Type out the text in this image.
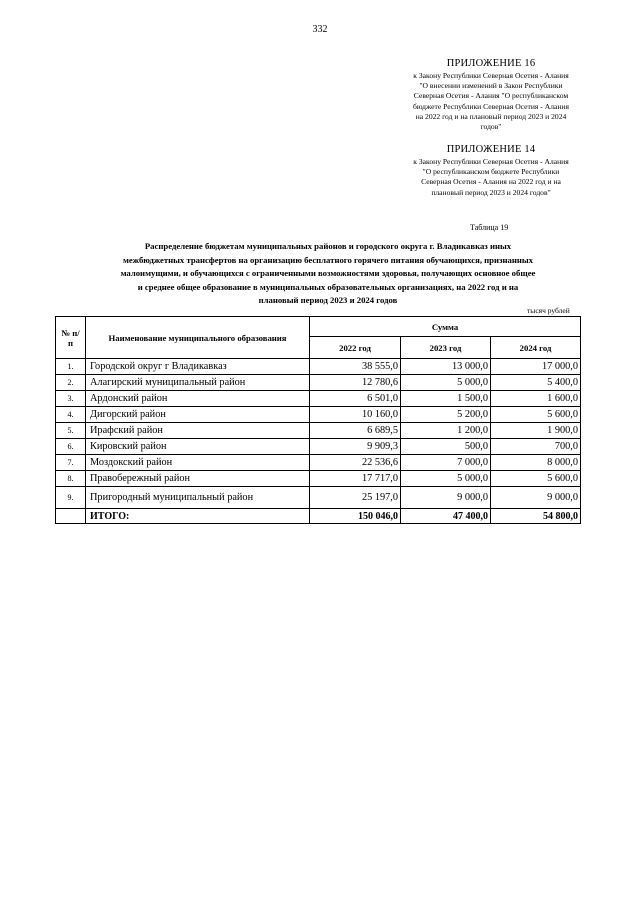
332
ПРИЛОЖЕНИЕ 16
к Закону Республики Северная Осетия - Алания
"О внесении изменений в Закон Республики
Северная Осетия - Алания "О республиканском
бюджете Республики Северная Осетия - Алания
на 2022 год и на плановый период 2023 и 2024
годов"
ПРИЛОЖЕНИЕ 14
к Закону Республики Северная Осетия - Алания
"О республиканском бюджете Республики
Северная Осетия - Алания на 2022 год и на
плановый период 2023 и 2024 годов"
Таблица 19
Распределение бюджетам муниципальных районов и городского округа г. Владикавказ иных
межбюджетных трансфертов на организацию бесплатного горячего питания обучающихся, признанных
малоимущими, и обучающихся с ограниченными возможностями здоровья, получающих основное общее
и среднее общее образование в муниципальных образовательных организациях, на 2022 год и на
плановый период 2023 и 2024 годов
тысяч рублей
№ п/п	Наименование муниципального образования	Сумма		
		2022 год	2023 год	2024 год
1.	Городской округ г Владикавказ	38 555,0	13 000,0	17 000,0
2.	Алагирский муниципальный район	12 780,6	5 000,0	5 400,0
3.	Ардонский район	6 501,0	1 500,0	1 600,0
4.	Дигорский район	10 160,0	5 200,0	5 600,0
5.	Ирафский район	6 689,5	1 200,0	1 900,0
6.	Кировский район	9 909,3	500,0	700,0
7.	Моздокский район	22 536,6	7 000,0	8 000,0
8.	Правобережный район	17 717,0	5 000,0	5 600,0
9.	Пригородный муниципальный район	25 197,0	9 000,0	9 000,0
	ИТОГО:	150 046,0	47 400,0	54 800,0
